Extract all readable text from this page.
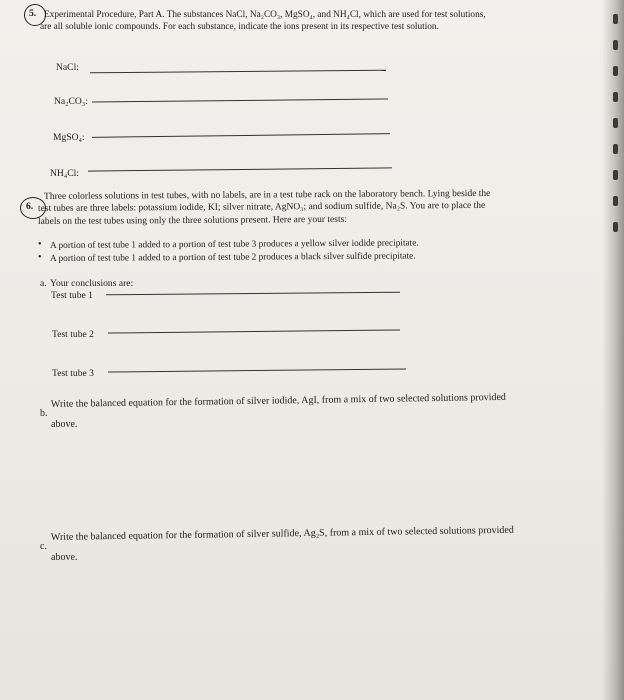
5. Experimental Procedure, Part A. The substances NaCl, Na₂CO₃, MgSO₄, and NH₄Cl, which are used for test solutions,
are all soluble ionic compounds. For each substance, indicate the ions present in its respective test solution.
NaCl:
Na₂CO₃:
MgSO₄:
NH₄Cl:
6.
Three colorless solutions in test tubes, with no labels, are in a test tube rack on the laboratory bench. Lying beside the
test tubes are three labels: potassium iodide, KI; silver nitrate, AgNO₃; and sodium sulfide, Na₂S. You are to place the
labels on the test tubes using only the three solutions present. Here are your tests:
• A portion of test tube 1 added to a portion of test tube 3 produces a yellow silver iodide precipitate.
• A portion of test tube 1 added to a portion of test tube 2 produces a black silver sulfide precipitate.
a. Your conclusions are:
Test tube 1
Test tube 2
Test tube 3
b.
Write the balanced equation for the formation of silver iodide, AgI, from a mix of two selected solutions provided
above.
c.
Write the balanced equation for the formation of silver sulfide, Ag₂S, from a mix of two selected solutions provided
above.
